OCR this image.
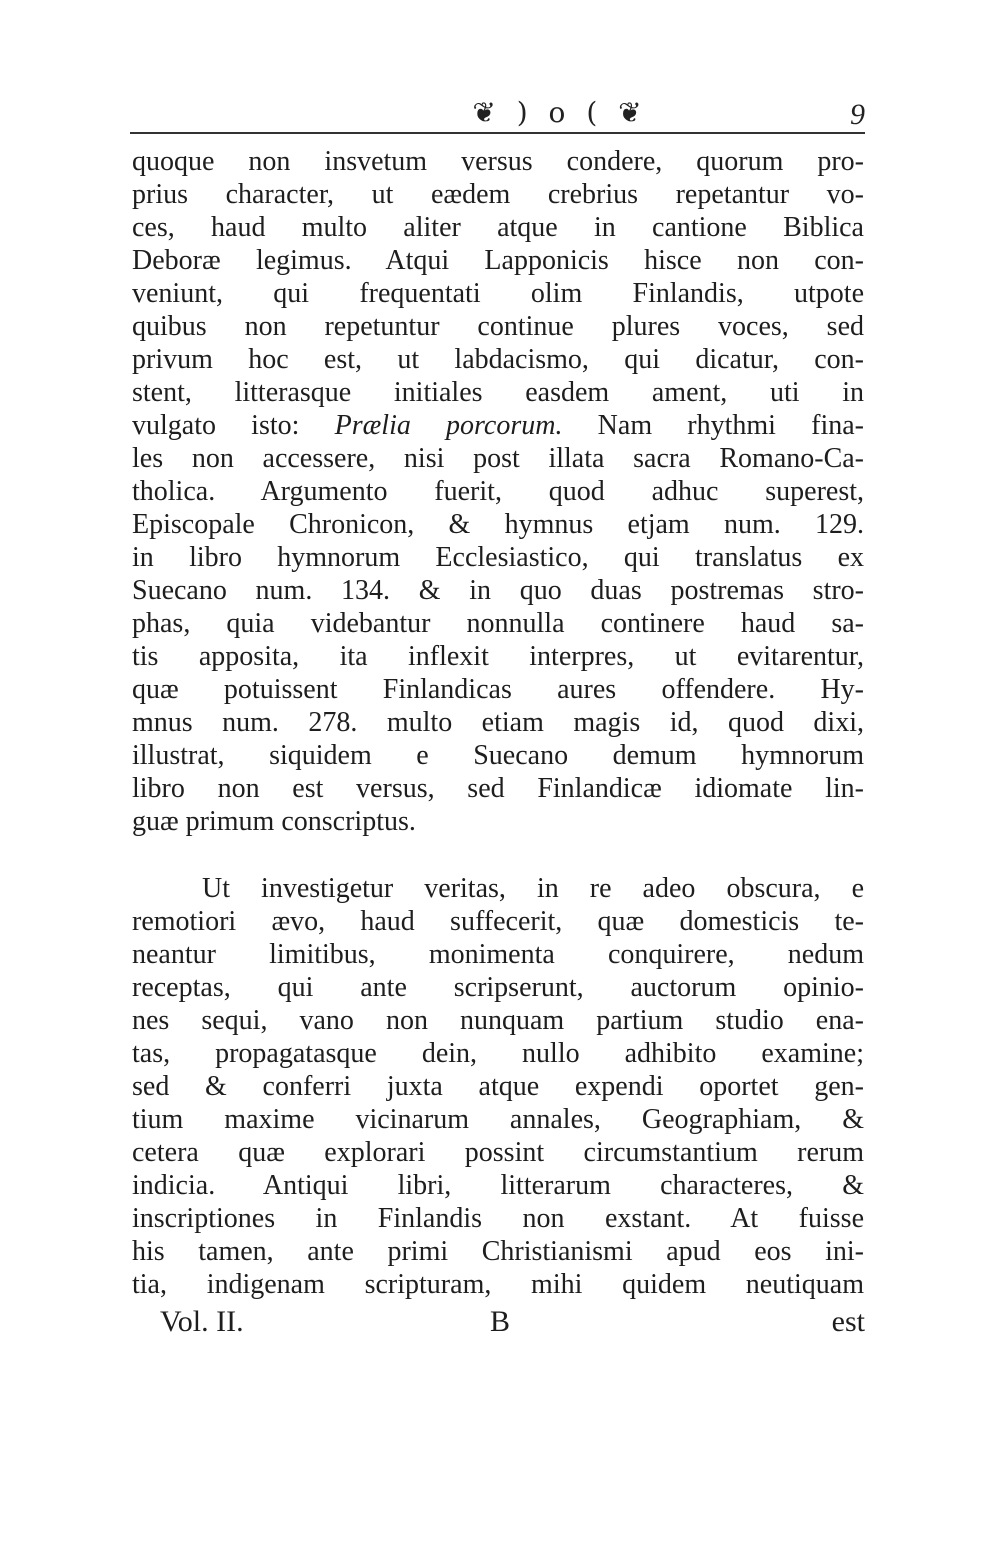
❦ ) o ( ❦	9
quoque non insvetum versus condere, quorum pro-
prius character, ut eædem crebrius repetantur vo-
ces, haud multo aliter atque in cantione Biblica
Deboræ legimus. Atqui Lapponicis hisce non con-
veniunt, qui frequentati olim Finlandis, utpote
quibus non repetuntur continue plures voces, sed
privum hoc est, ut labdacismo, qui dicatur, con-
stent, litterasque initiales easdem ament, uti in
vulgato isto: Prælia porcorum. Nam rhythmi fina-
les non accessere, nisi post illata sacra Romano-Ca-
tholica. Argumento fuerit, quod adhuc superest,
Episcopale Chronicon, & hymnus etjam num. 129.
in libro hymnorum Ecclesiastico, qui translatus ex
Suecano num. 134. & in quo duas postremas stro-
phas, quia videbantur nonnulla continere haud sa-
tis apposita, ita inflexit interpres, ut evitarentur,
quæ potuissent Finlandicas aures offendere. Hy-
mnus num. 278. multo etiam magis id, quod dixi,
illustrat, siquidem e Suecano demum hymnorum
libro non est versus, sed Finlandicæ idiomate lin-
guæ primum conscriptus.
Ut investigetur veritas, in re adeo obscura, e
remotiori ævo, haud suffecerit, quæ domesticis te-
neantur limitibus, monimenta conquirere, nedum
receptas, qui ante scripserunt, auctorum opinio-
nes sequi, vano non nunquam partium studio ena-
tas, propagatasque dein, nullo adhibito examine;
sed & conferri juxta atque expendi oportet gen-
tium maxime vicinarum annales, Geographiam, &
cetera quæ explorari possint circumstantium rerum
indicia. Antiqui libri, litterarum characteres, &
inscriptiones in Finlandis non exstant. At fuisse
his tamen, ante primi Christianismi apud eos ini-
tia, indigenam scripturam, mihi quidem neutiquam
Vol. II.	B	est
